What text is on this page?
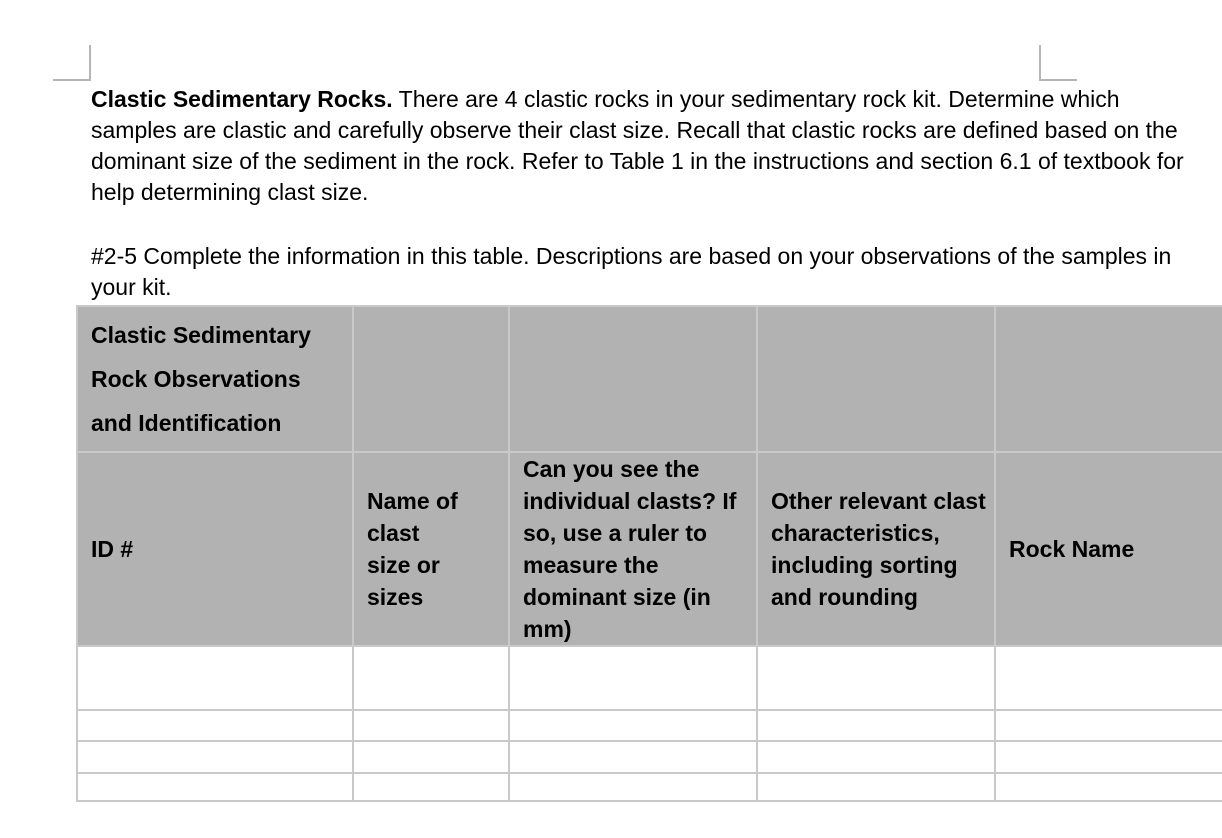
Clastic Sedimentary Rocks. There are 4 clastic rocks in your sedimentary rock kit. Determine which samples are clastic and carefully observe their clast size. Recall that clastic rocks are defined based on the dominant size of the sediment in the rock. Refer to Table 1 in the instructions and section 6.1 of textbook for help determining clast size.

#2-5 Complete the information in this table. Descriptions are based on your observations of the samples in your kit.

Clastic Sedimentary Rock Observations and Identification				

ID #	Name of clast size or sizes	Can you see the individual clasts? If so, use a ruler to measure the dominant size (in mm)	Other relevant clast characteristics, including sorting and rounding	Rock Name
